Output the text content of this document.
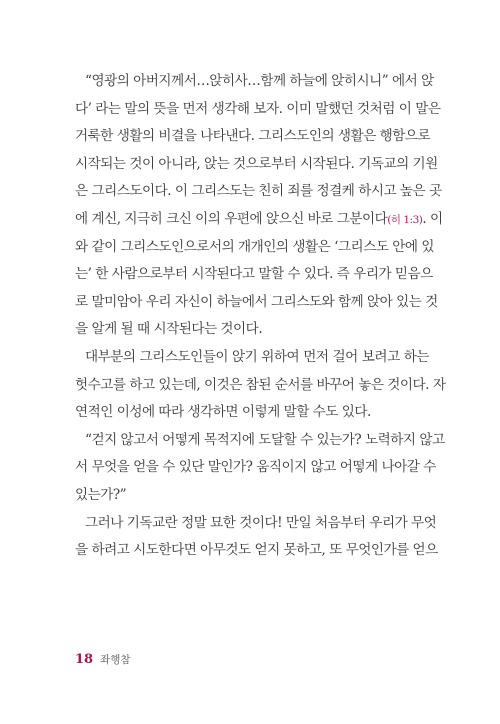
“영광의 아버지께서…앉히사…함께 하늘에 앉히시니” 에서 앉
다’ 라는 말의 뜻을 먼저 생각해 보자. 이미 말했던 것처럼 이 말은
거룩한 생활의 비결을 나타낸다. 그리스도인의 생활은 행함으로
시작되는 것이 아니라, 앉는 것으로부터 시작된다. 기독교의 기원
은 그리스도이다. 이 그리스도는 친히 죄를 정결케 하시고 높은 곳
에 계신, 지극히 크신 이의 우편에 앉으신 바로 그분이다(히 1:3). 이
와 같이 그리스도인으로서의 개개인의 생활은 ‘그리스도 안에 있
는’ 한 사람으로부터 시작된다고 말할 수 있다. 즉 우리가 믿음으
로 말미암아 우리 자신이 하늘에서 그리스도와 함께 앉아 있는 것
을 알게 될 때 시작된다는 것이다.
대부분의 그리스도인들이 앉기 위하여 먼저 걸어 보려고 하는
헛수고를 하고 있는데, 이것은 참된 순서를 바꾸어 놓은 것이다. 자
연적인 이성에 따라 생각하면 이렇게 말할 수도 있다.
“걷지 않고서 어떻게 목적지에 도달할 수 있는가? 노력하지 않고
서 무엇을 얻을 수 있단 말인가? 움직이지 않고 어떻게 나아갈 수
있는가?”
그러나 기독교란 정말 묘한 것이다! 만일 처음부터 우리가 무엇
을 하려고 시도한다면 아무것도 얻지 못하고, 또 무엇인가를 얻으
18 좌행참
